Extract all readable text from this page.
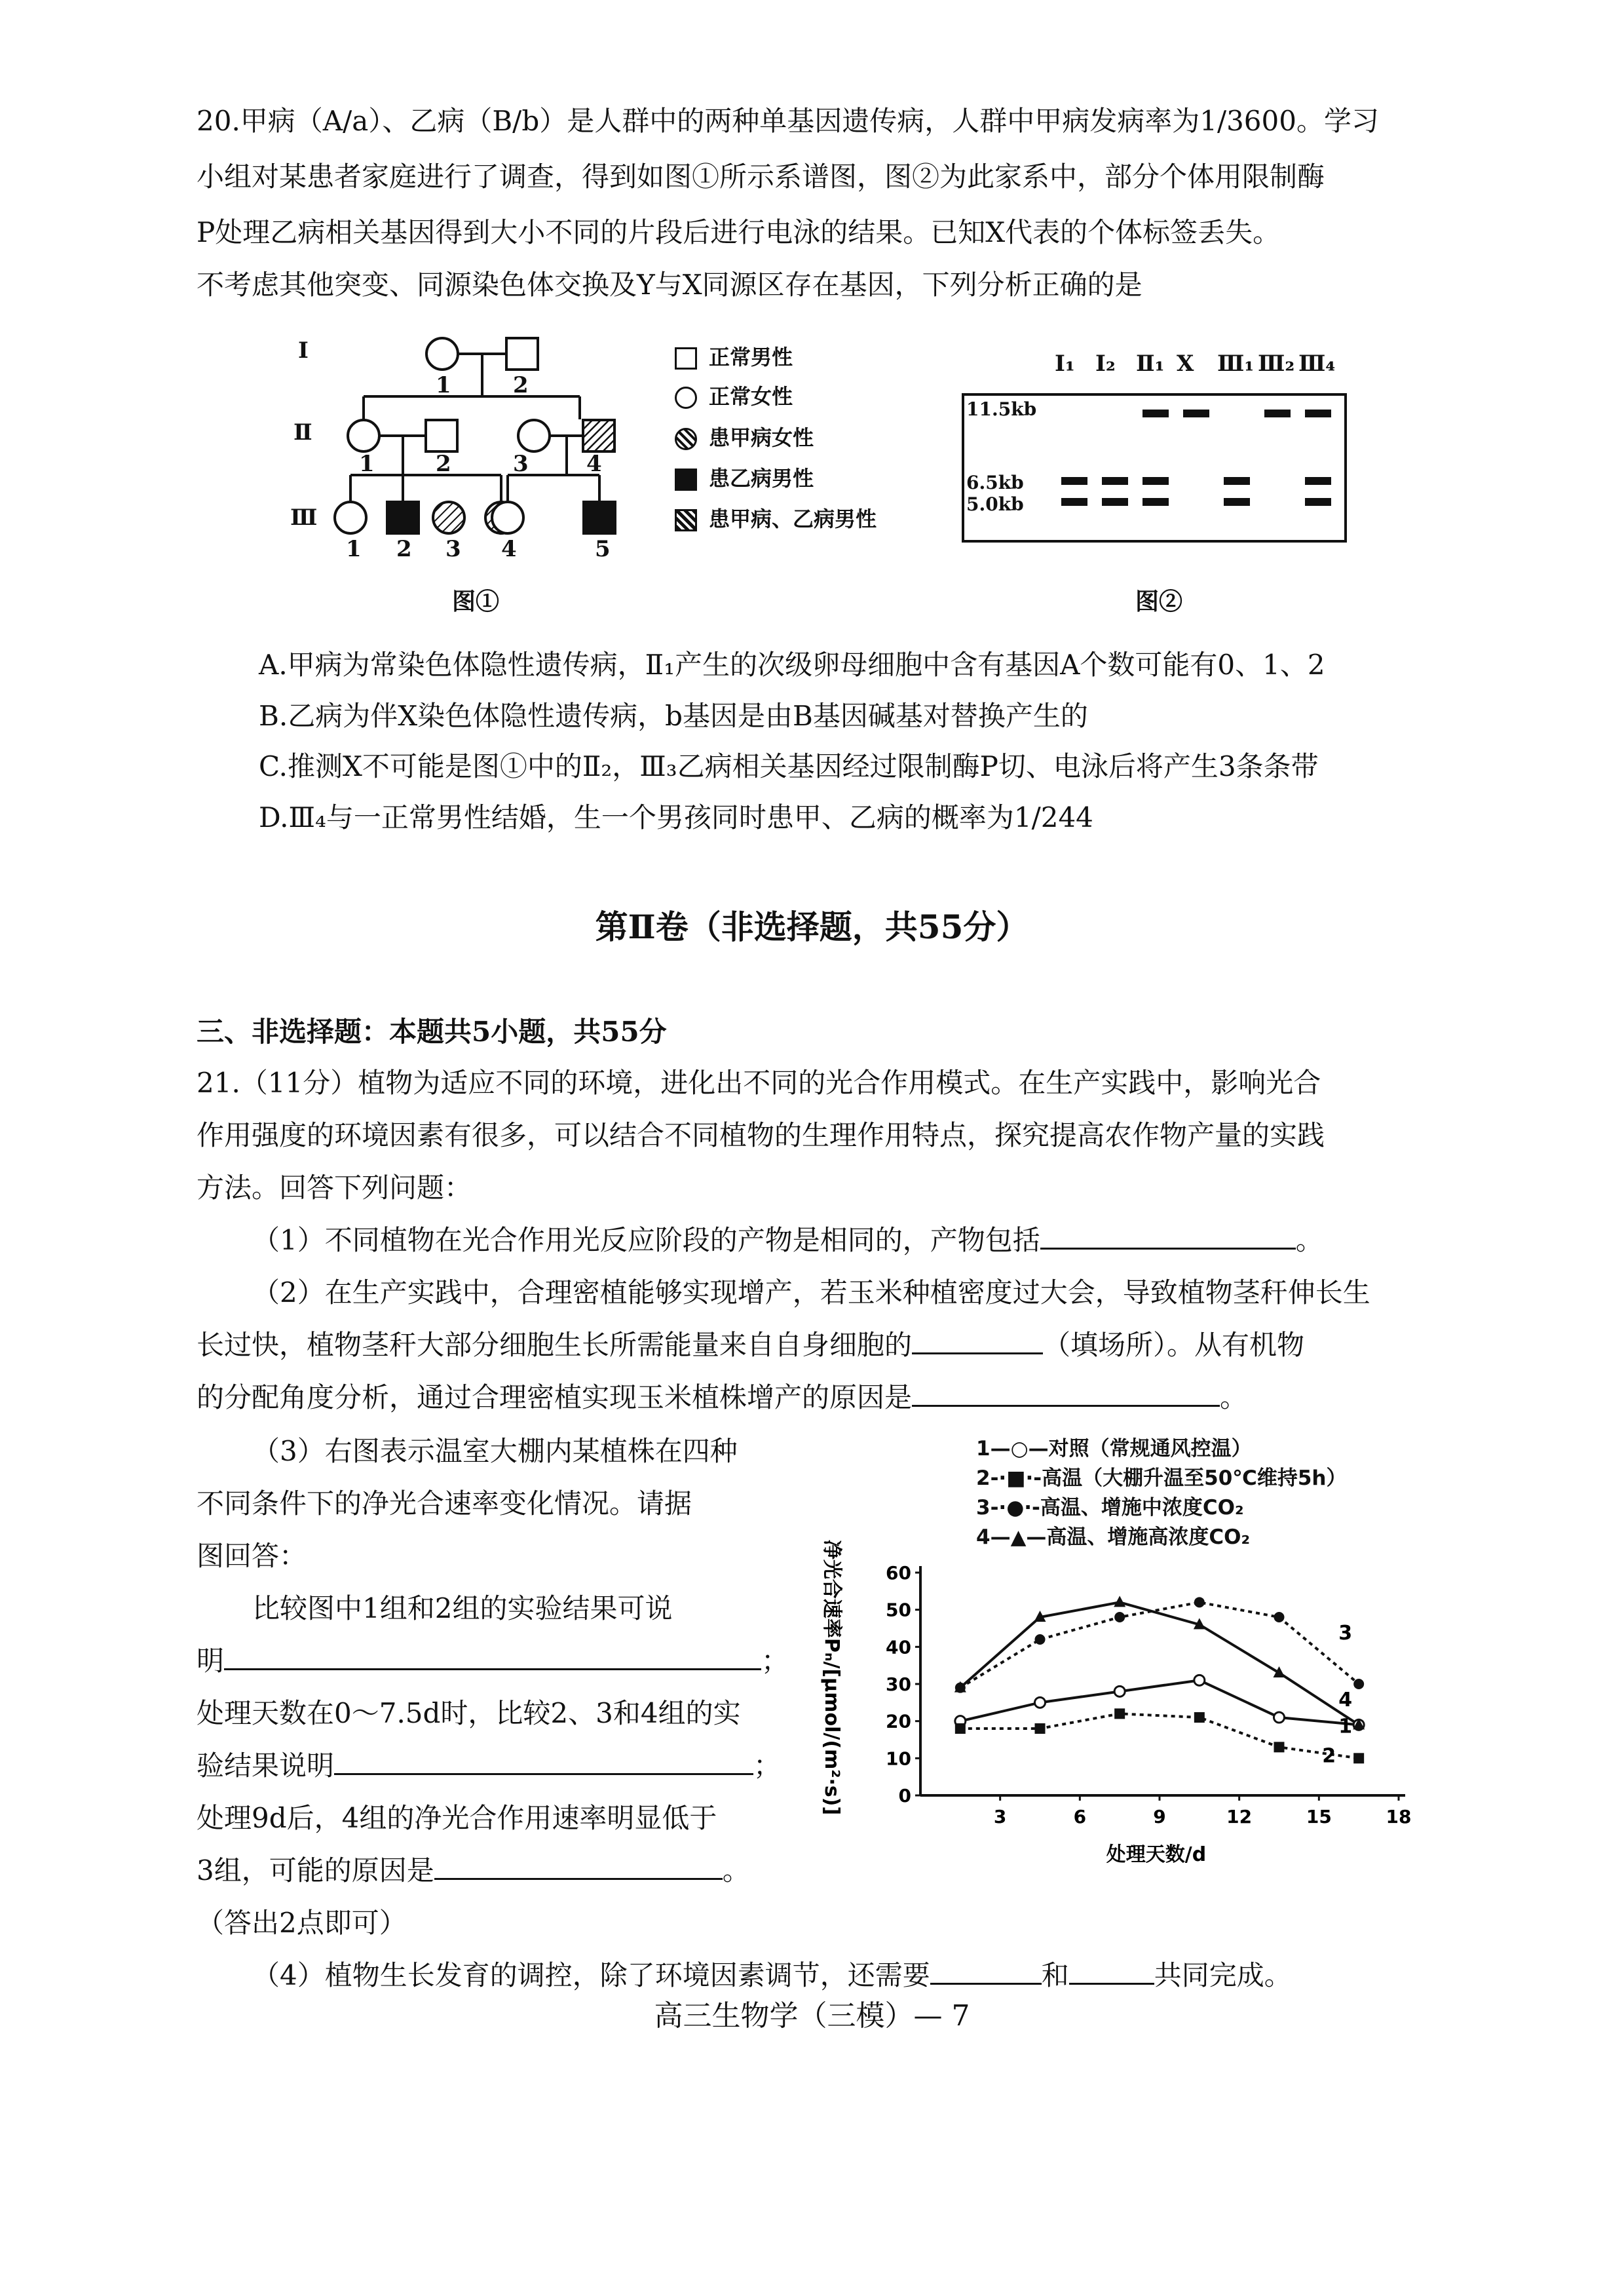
20.甲病（A/a）、乙病（B/b）是人群中的两种单基因遗传病，人群中甲病发病率为1/3600。学习
小组对某患者家庭进行了调查，得到如图①所示系谱图，图②为此家系中，部分个体用限制酶
P处理乙病相关基因得到大小不同的片段后进行电泳的结果。已知X代表的个体标签丢失。
不考虑其他突变、同源染色体交换及Y与X同源区存在基因，下列分析正确的是
Ⅰ
Ⅱ
Ⅲ
1	2
1	2	3	4
1 2 3 4	5
图①
正常男性
正常女性
患甲病女性
患乙病男性
患甲病、乙病男性
Ⅰ₁ Ⅰ₂ Ⅱ₁ X Ⅲ₁ Ⅲ₂ Ⅲ₄
11.5kb
6.5kb
5.0kb
图②
A.甲病为常染色体隐性遗传病，Ⅱ₁产生的次级卵母细胞中含有基因A个数可能有0、1、2
B.乙病为伴X染色体隐性遗传病，b基因是由B基因碱基对替换产生的
C.推测X不可能是图①中的Ⅱ₂，Ⅲ₃乙病相关基因经过限制酶P切、电泳后将产生3条条带
D.Ⅲ₄与一正常男性结婚，生一个男孩同时患甲、乙病的概率为1/244
第Ⅱ卷（非选择题，共55分）
三、非选择题：本题共5小题，共55分
21.（11分）植物为适应不同的环境，进化出不同的光合作用模式。在生产实践中，影响光合
作用强度的环境因素有很多，可以结合不同植物的生理作用特点，探究提高农作物产量的实践
方法。回答下列问题：
（1）不同植物在光合作用光反应阶段的产物是相同的，产物包括	。
（2）在生产实践中，合理密植能够实现增产，若玉米种植密度过大会，导致植物茎秆伸长生
长过快，植物茎秆大部分细胞生长所需能量来自自身细胞的	（填场所）。从有机物
的分配角度分析，通过合理密植实现玉米植株增产的原因是	。
（3）右图表示温室大棚内某植株在四种
不同条件下的净光合速率变化情况。请据
图回答：
比较图中1组和2组的实验结果可说
明	；
处理天数在0～7.5d时，比较2、3和4组的实
验结果说明	；
处理9d后，4组的净光合作用速率明显低于
3组，可能的原因是	。
（答出2点即可）
（4）植物生长发育的调控，除了环境因素调节，还需要	和	共同完成。
1—○—对照（常规通风控温）
2‑·■·‑高温（大棚升温至50℃维持5h）
3‑·●·‑高温、增施中浓度CO₂
4—▲—高温、增施高浓度CO₂
0
10
20
30
40
50
60
3	6	9	12	15	18
1
2
3
4
净光合速率Pₙ/[μmol/(m²·s)]
处理天数/d
高三生物学（三模）— 7
